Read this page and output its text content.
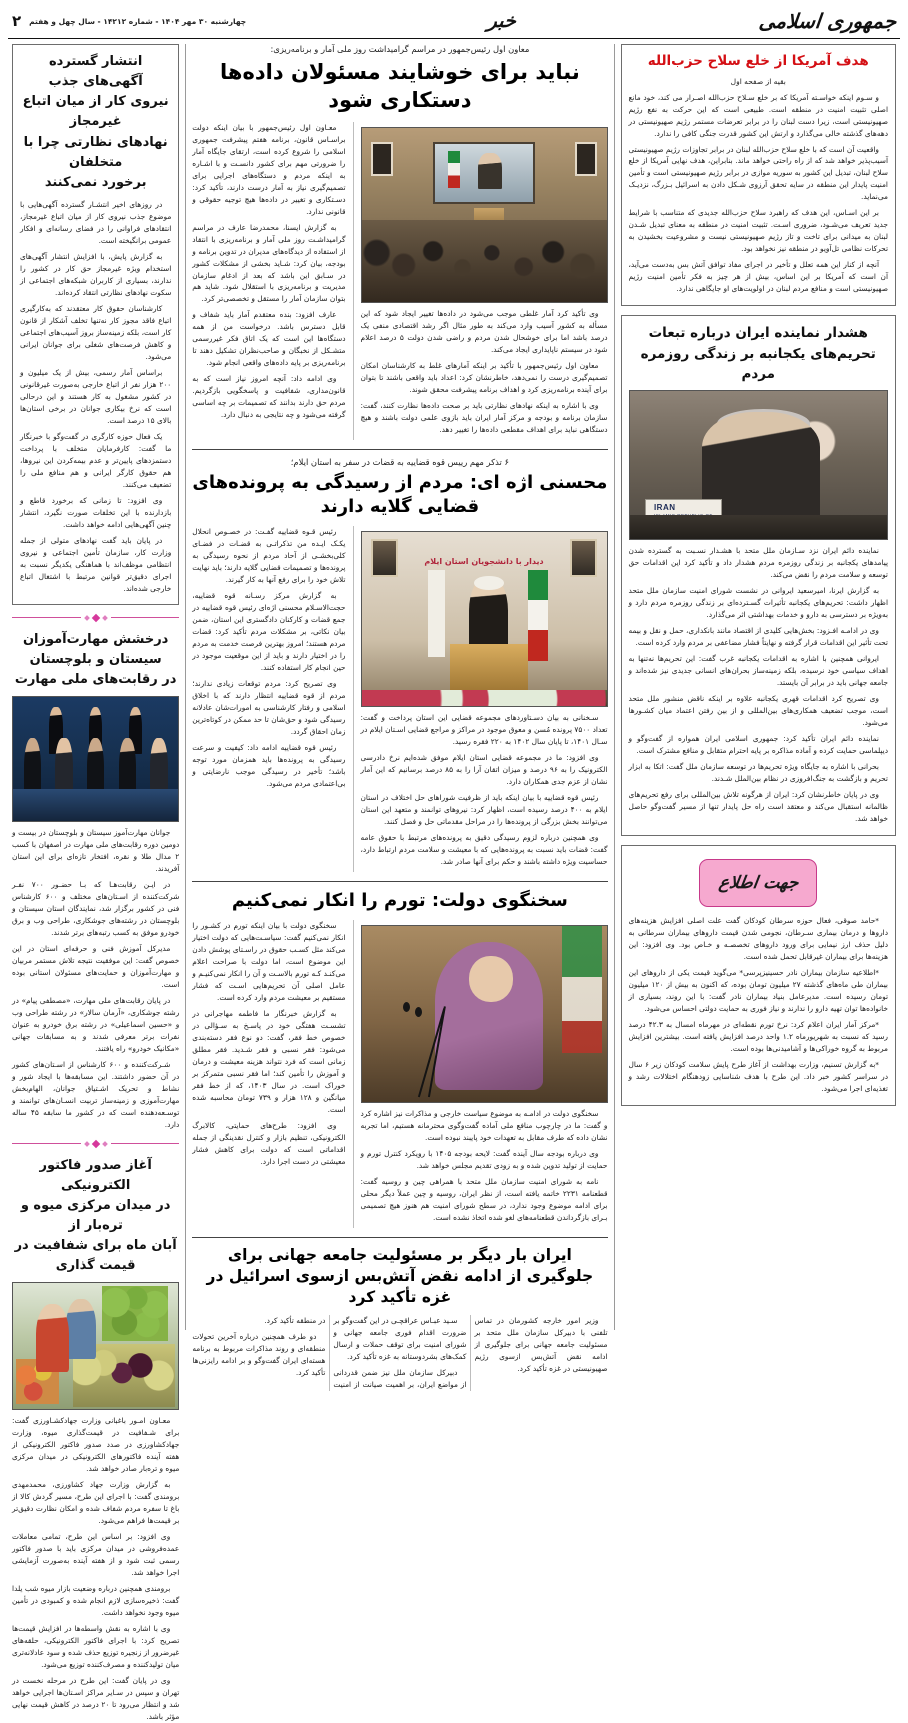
جمهوری اسلامی
خبر
چهارشنبه ۳۰ مهر ۱۴۰۴ - شماره ۱۴۲۱۲ - سال چهل و هفتم
۲
هدف آمریکا از خلع سلاح حزب‌الله
بقیه از صفحه اول

و سـوم اینکه خواسـته آمریکا که بر خلع سـلاح حزب‌الله اصـرار می کند، خود مانع اصلی تثبیت امنیت در منطقه است. طبیعی است که این حرکت به نفع رژیم صهیونیستی است، زیرا دست لبنان را در برابر تعرضات مستمر رژیم صهیونیستی در دهه‌های گذشته خالی می‌گذارد و ارتش این کشور قدرت جنگی کافی را ندارد.

واقعیت آن است که با خلع سلاح حزب‌الله لبنان در برابر تجاوزات رژیم صهیونیستی آسیب‌پذیر خواهد شد که از راه راحتی خواهد ماند. بنابراین، هدف نهایی آمریکا از خلع سلاح لبنان، تبدیل این کشور به سوریه موازی در برابر رژیم صهیونیستی است و تأمین امنیت پایدار این منطقه در سایه تحقق آرزوی شـکل دادن به اسرائیل بـزرگ، نزدیـک می‌نماید.

بر این اسـاس، این هدف که راهبرد سلاح حزب‌الله جدیدی که متناسب با شرایط جدید تعریف می‌شـود، ضروری اسـت. تثبیت امنیت در منطقه به معنای تبدیل شـدن لبنان به میدانی برای تاخت و تاز رژیم صهیونیستی نیست و مشروعیت بخشیدن به تحرکات نظامی تل‌آویو در منطقه نیز نخواهد بود.

آنچه از کنار این همه تعلل و تأخیر در اجرای مفاد توافق آتش بس به‌دست می‌آید، آن است که آمریکا بر این اساس، بیش از هر چیز به فکر تأمین امنیت رژیم صهیونیستی است و منافع مردم لبنان در اولویت‌های او جایگاهی ندارد.

هشدار نماینده ایران درباره تبعات تحریم‌های یکجانبه بر زندگی روزمره مردم
IRAN

نماینده دائم ایران نزد سـازمان ملل متحد با هشـدار نسـبت به گسترده شدن پیامدهای یکجانبه بر زندگی روزمره مردم هشدار داد و تأکید کرد این اقدامات حق توسعه و سلامت مردم را نقض می‌کند.

به گزارش ایرنا، امیرسعید ایروانی در نشست شورای امنیت سازمان ملل متحد اظهار داشت: تحریم‌های یکجانبه تأثیرات گسـترده‌ای بر زندگی روزمره مردم دارد و به‌ویژه بر دسترسی به دارو و خدمات بهداشتی اثر می‌گذارد.

وی در ادامـه افـزود: بخش‌هایی کلیدی از اقتصاد مانند بانکداری، حمل و نقل و بیمه تحت تأثیر این اقدامات قرار گرفته و نهایتاً فشار مضاعفی بر مردم وارد کرده است.

ایروانی همچنین با اشاره به اقدامات یکجانبه غرب گفت: این تحریم‌ها نه‌تنها به اهداف سیاسی خود نرسیده، بلکه زمینه‌ساز بحران‌های انسانی جدیدی نیز شده‌اند و جامعه جهانی باید در برابر آن بایستد.

وی تصریح کرد اقدامات قهری یکجانبه علاوه بر اینکه ناقض منشور ملل متحد است، موجب تضعیف همکاری‌های بین‌المللی و از بین رفتن اعتماد میان کشـورها می‌شود.

نماینده دائم ایران تأکید کرد: جمهوری اسلامی ایران همواره از گفت‌وگو و دیپلماسی حمایت کرده و آماده مذاکره بر پایه احترام متقابل و منافع مشترک است.

بحرانی با اشاره به جایگاه ویژه تحریم‌ها در توسعه سازمان ملل گفت: اتکا به ابزار تحریم و بازگشت به جنگ‌افروزی در نظام بین‌الملل شـدند.

وی در پایان خاطرنشان کرد: ایران از هرگونه تلاش بین‌المللی برای رفع تحریم‌های ظالمانه استقبال می‌کند و معتقد است راه حل پایدار تنها از مسیر گفت‌وگو حاصل خواهد شد.

جهت اطلاع

*حامد صوقی، فعال حوزه سرطان کودکان گفت علت اصلی افزایش هزینه‌های داروها و درمان بیماری سـرطان، نجومی شدن قیمت داروهای بیماران سرطانی به دلیل حذف ارز نیمایی برای ورود داروهای تخصصـه و خـاص بود. وی افزود: این هزینه‌ها برای بیماران غیرقابل تحمل شده است.

*اطلاعیه سازمان بیماران نادر حسینیزپرسی* می‌گوید قیمت یکی از داروهای این بیماران طی ماه‌های گذشته ۲۷ میلیون تومان بوده، که اکنون به بیش از ۱۲۰ میلیون تومان رسیده است. مدیرعامل بنیاد بیماران نادر گفت: با این روند، بسیاری از خانواده‌ها توان تهیه دارو را ندارند و نیاز فوری به حمایت دولتی احساس می‌شود.

*مرکز آمار ایران اعلام کرد: نرخ تورم نقطه‌ای در مهرماه امسال به ۴۲.۳ درصد رسید که نسبت به شهریورماه ۱.۲ واحد درصد افزایش یافته است. بیشترین افزایش مربوط به گروه خوراکی‌ها و آشامیدنی‌ها بوده است.

*به گزارش تسنیم، وزارت بهداشت از آغاز طرح پایش سلامت کودکان زیر ۶ سال در سراسر کشور خبر داد. این طرح با هدف شناسایی زودهنگام اختلالات رشد و تغذیه‌ای اجرا می‌شود.

معاون اول رئیس‌جمهور در مراسم گرامیداشت روز ملی آمار و برنامه‌ریزی:
نباید برای خوشایند مسئولان داده‌ها دستکاری شود

وی تأکید کرد آمار غلطی موجب می‌شود در داده‌ها تغییر ایجاد شود که این مسأله به کشور آسیب وارد می‌کند به طور مثال اگر رشد اقتصادی منفی یک درصد باشد اما برای خوشحال شدن مردم و راضی شدن دولت ۵ درصد اعلام شود در سیستم ناپایداری ایجاد می‌کند.

معاون اول رئیس‌جمهور با تأکید بر اینکه آمارهای غلط به کارشناسان امکان تصمیم‌گیری درست را نمی‌دهد، خاطرنشان کرد: اعداد باید واقعی باشند تا بتوان برای آینده برنامه‌ریزی کرد و اهداف برنامه پیشرفت محقق شوند.

وی با اشاره به اینکه نهادهای نظارتی باید بر صحت داده‌ها نظارت کنند، گفت: سازمان برنامه و بودجه و مرکز آمار ایران باید بازوی علمی دولت باشند و هیچ دستگاهی نباید برای اهداف مقطعی داده‌ها را تغییر دهد.

معـاون اول رئیس‌جمهور با بیان اینکه دولت براسـاس قانون، برنامه هفتم پیشرفت جمهوری اسلامی را شروع کرده است، ارتقای جایگاه آمار را ضرورتی مهم برای کشور دانسـت و با اشـاره به اینکه مردم و دستگاه‌های اجرایی برای تصمیم‌گیری نیاز به آمار درست دارند، تأکید کرد: دسـتکاری و تغییر در داده‌ها هیچ توجیه حقوقی و قانونی ندارد.

به گزارش ایسنا، محمدرضا عارف در مراسم گرامیداشـت روز ملی آمار و برنامه‌ریزی با انتقاد از استفاده از دیدگاه‌های مدیران در تدوین برنامه و بودجه، بیان کرد: شـاید بخشی از مشکلات کشور در سـابق این باشد که بعد از ادغام سازمان مدیریت و برنامه‌ریزی با استقلال شود. شاید هم بتوان سازمان آمار را مستقل و تخصصی‌تر کرد.

عارف افزود: بنده معتقدم آمار باید شفاف و قابل دسترس باشد. درخواست من از همه دستگاه‌ها این است که یک اتاق فکر غیررسمی متشـکل از نخبگان و صاحب‌نظران تشکیل دهند تا برنامه‌ریزی بر پایه داده‌های واقعی انجام شود.

وی ادامه داد: آنچه امروز نیاز است که به قانون‌مداری، شفافیت و پاسخگویی بازگردیم. مردم حق دارند بدانند که تصمیمات بر چه اساسی گرفته می‌شود و چه نتایجی به دنبال دارد.

۶ تذکر مهم رییس قوه قضاییه به قضات در سفر به استان ایلام؛
محسنی اژه ای: مردم از رسیدگی به پرونده‌های قضایی گلایه دارند
دیدار با دانشجویان استان ایلام

سـخنانی به بیان دسـتاوردهای مجموعه قضایی این استان پرداخت و گفت: تعداد ۷۵۰۰ پرونده مُسن و معوق موجود در مراکز و مراجع قضایی اسـتان ایلام در سـال ۱۴۰۱، تا پایان سال ۱۴۰۲ به ۲۲۰ فقره رسید.

وی افزود: ما در مجموعه قضایی استان ایلام موفق شده‌ایم نرخ دادرسی الکترونیک را به ۹۶ درصد و میزان اتقان آرا را به ۸۵ درصد برسانیم که این آمار نشان از عزم جدی همکاران دارد.

رئیس قوه قضاییه با بیان اینکه باید از ظرفیت شوراهای حل اختلاف در استان ایلام به ۴۰۰ درصد رسیده است، اظهار کرد: نیروهای توانمند و متعهد این استان می‌توانند بخش بزرگی از پرونده‌ها را در مراحل مقدماتی حل و فصل کنند.

وی همچنین درباره لزوم رسیدگی دقیق به پرونده‌های مرتبط با حقوق عامه گفت: قضات باید نسبت به پرونده‌هایی که با معیشت و سلامت مردم ارتباط دارد، حساسیت ویژه داشته باشند و حکم برای آنها صادر شد.

رئیس قـوه قضاییه گفـت: در خصـوص انحلال یکـک ایـده من تذکراتـی به قضـات در فضـای کلی‌بخشـی از آحاد مردم از نحوه رسیدگی به پرونده‌ها و تصمیمات قضایی گلایه دارند؛ باید نهایت تلاش خود را برای رفع آنها به کار گیرند.

به گزارش مرکز رسـانه قوه قضاییه، حجت‌الاسـلام محسنی اژه‌ای رئیس قوه قضاییه در جمع قضات و کارکنان دادگستری این استان، ضمن بیان نکاتی، بر مشکلات مردم تأکید کرد: قضات مردم هستند؛ امروز بهترین فرصت خدمت به مردم را در اختیار دارند و باید از این موقعیت موجود در حین انجام کار استفاده کنند.

وی تصریح کرد: مردم توقعات زیادی ندارند؛ مردم از قوه قضاییه انتظار دارند که با اخلاق اسلامی و رفتار کارشناسی به امورات‌شان عادلانه رسیدگی شود و حق‌شان تا حد ممکن در کوتاه‌ترین زمان احقاق گردد.

رئیس قوه قضاییه ادامه داد: کیفیت و سرعت رسیدگی به پرونده‌ها باید همزمان مورد توجه باشد؛ تأخیر در رسیدگی موجب نارضایتی و بی‌اعتمادی مردم می‌شود.

سخنگوی دولت: تورم را انکار نمی‌کنیم

سخنگوی دولت در ادامـه به موضوع سیاست خارجی و مذاکرات نیز اشاره کرد و گفت: ما در چارچوب منافع ملی آماده گفت‌وگوی محترمانه هستیم، اما تجربه نشان داده که طرف مقابل به تعهدات خود پایبند نبوده است.

وی درباره بودجه سال آینده گفت: لایحه بودجه ۱۴۰۵ با رویکرد کنترل تورم و حمایت از تولید تدوین شده و به زودی تقدیم مجلس خواهد شد.

نامه به شورای امنیت سازمان ملل متحد با همراهی چین و روسیه گفت: قطعنامه ۲۲۳۱ خاتمه یافته است، از نظر ایران، روسیه و چین عملاً دیگر محلی برای ادامه موضوع وجود ندارد، در سطح شورای امنیت هم هنوز هیچ تصمیمی بـرای بازگرداندن قطعنامه‌های لغو شده اتخاذ نشده است.

سخنگوی دولت با بیان اینکه تورم در کشـور را انکار نمی‌کنیم گفت: سیاسـت‌هایی که دولت اختیار می‌کند مثل کسـب حقوق در راسـتای پوشش دادن این موضوع است، اما دولت با صراحت اعلام می‌کنـد کـه تورم بالاسـت و آن را انکار نمی‌کنیـم و عامل اصلی آن تحریم‌هایی اسـت که فشار مستقیم بر معیشت مردم وارد کرده است.

به گزارش خبرنگار ما فاطمه مهاجرانی در تشسـت هفتگی خود در پاسـخ به سـؤالی در خصوص خط فقر، گفت: دو نوع فقر دسته‌بندی می‌شود: فقر نسبی و فقر شـدید. فقر مطلق زمانی است که فرد نتواند هزینه معیشت و درمان و آموزش را تأمین کند؛ اما فقر نسبی متمرکز بر خوراک است. در سال ۱۴۰۳، که از خط فقر میانگین و ۱۲۸ هزار و ۷۳۹ تومان محاسبه شده است.

وی افزود: طرح‌های حمایتی، کالابرگ الکترونیکی، تنظیم بازار و کنترل نقدینگی از جمله اقداماتی است که دولت برای کاهش فشار معیشتی در دست اجرا دارد.

ایران بار دیگر بر مسئولیت جامعه جهانی برای جلوگیری از ادامه نقض آتش‌بس ازسوی اسرائیل در غزه تأکید کرد

وزیر امور خارجه کشورمان در تماس تلفنی با دبیرکل سازمان ملل متحد بر مسئولیت جامعه جهانی برای جلوگیری از ادامه نقض آتش‌بس ازسوی رژیم صهیونیستی در غزه تأکید کرد.

سـید عبـاس عراقچـی در این گفت‌وگو بر ضرورت اقدام فوری جامعه جهانی و شورای امنیت برای توقف حملات و ارسال کمک‌های بشردوستانه به غزه تأکید کرد.

دبیرکل سازمان ملل نیز ضمن قدردانی از مواضع ایران، بر اهمیت صیانت از امنیت در منطقه تأکید کرد.

دو طرف همچنین درباره آخرین تحولات منطقه‌ای و روند مذاکرات مربوط به برنامه هسته‌ای ایران گفت‌وگو و بر ادامه رایزنی‌ها تأکید کرد.

انتشار گسترده آگهی‌های جذب
نیروی کار از میان اتباع غیرمجاز
نهادهای نظارتی چرا با متخلفان
برخورد نمی‌کنند

در روزهای اخیر انتشـار گسترده آگهی‌هایی با موضوع جذب نیروی کار از میان اتباع غیرمجاز، انتقادهای فراوانی را در فضای رسانه‌ای و افکار عمومی برانگیخته است.

به گزارش پایش، با افزایش انتشار آگهی‌های استخدام ویژه غیرمجاز حق کار در کشور را ندارند، بسیاری از کاربران شبکه‌های اجتماعی از سکوت نهادهای نظارتی انتقاد کرده‌اند.

کارشناسان حقوق کار معتقدند که به‌کارگیری اتباع فاقد مجوز کار نه‌تنها تخلف آشکار از قانون کار است، بلکه زمینه‌ساز بروز آسیب‌های اجتماعی و کاهش فرصت‌های شغلی برای جوانان ایرانی می‌شود.

براساس آمار رسمی، بیش از یک میلیون و ۲۰۰ هزار نفر از اتباع خارجی به‌صورت غیرقانونی در کشور مشغول به کار هستند و این درحالی است که نرخ بیکاری جوانان در برخی استان‌ها بالای ۱۵ درصد است.

یک فعال حوزه کارگری در گفت‌وگو با خبرنگار ما گفت: کارفرمایان متخلف با پرداخت دستمزدهای پایین‌تر و عدم بیمه‌کردن این نیروها، هم حقوق کارگر ایرانی و هم منافع ملی را تضعیف می‌کنند.

وی افزود: تا زمانی که برخورد قاطع و بازدارنده با این تخلفات صورت نگیرد، انتشار چنین آگهی‌هایی ادامه خواهد داشت.

در پایان باید گفت نهادهای متولی از جمله وزارت کار، سازمان تأمین اجتماعی و نیروی انتظامی موظف‌اند با هماهنگی یکدیگر نسبت به اجرای دقیق‌تر قوانین مرتبط با اشتغال اتباع خارجی شده‌اند.

درخشش مهارت‌آموزان
سیستان و بلوچستان
در رقابت‌های ملی مهارت

جوانان مهارت‌آموز سیستان و بلوچستان در بیست و دومین دوره رقابت‌های ملی مهارت در اصفهان با کسب ۲ مدال طلا و نقره، افتخار تازه‌ای برای این استان آفریدند.

در ایـن رقابت‌هـا که بـا حضـور ۷۰۰ نفـر شرکت‌کننده از اسـتان‌های مختلف و ۶۰۰ کارشناس فنی در کشور برگزار شد، نمایندگان استان سیستان و بلوچستان در رشته‌های جوشکاری، طراحی وب و برق خودرو موفق به کسب رتبه‌های برتر شدند.

مدیرکل آموزش فنی و حرفه‌ای استان در این خصوص گفت: این موفقیت نتیجه تلاش مستمر مربیان و مهارت‌آموزان و حمایت‌های مسئولان استانی بوده است.

در پایان رقابت‌های ملی مهارت، «مصطفی پیام» در رشته جوشکاری، «آرمان سالار» در رشته طراحی وب و «حسین اسماعیلی» در رشته برق خودرو به عنوان نفرات برتر معرفی شدند و به مسابقات جهانی «مکانیک خودرو» راه یافتند.

شـرکت‌کننده و ۶۰۰ کارشناس از اسـتان‌های کشور در آن حضور داشتند. این مسابقه‌ها با ایجاد شور و نشاط و تحریک اشـتیاق جوانان، الهام‌بخش مهارت‌آموزی و زمینه‌ساز تربیت انسـان‌های توانمند و توسـعه‌دهنده است که در کشور ما سابقه ۴۵ ساله دارد.

آغاز صدور فاکتور الکترونیکی
در میدان مرکزی میوه و تره‌بار از
آبان ماه برای شفافیت در قیمت گذاری

معـاون امـور باغبانی وزارت جهادکشـاورزی گفت: برای شـفافیت در قیمت‌گذاری میوه، وزارت جهادکشاورزی در صدد صدور فاکتور الکترونیکی از هفته آینده فاکتورهای الکترونیکی در میدان مرکزی میوه و تره‌بار صادر خواهد شد.

به گزارش وزارت جهاد کشاورزی، محمدمهدی برومندی گفت: با اجرای این طرح، مسیر گردش کالا از باغ تا سفره مردم شفاف شده و امکان نظارت دقیق‌تر بر قیمت‌ها فراهم می‌شود.

وی افزود: بر اساس این طرح، تمامی معاملات عمده‌فروشی در میدان مرکزی باید با صدور فاکتور رسمی ثبت شود و از هفته آینده به‌صورت آزمایشی اجرا خواهد شد.

برومندی همچنین درباره وضعیت بازار میوه شب یلدا گفت: ذخیره‌سازی لازم انجام شده و کمبودی در تأمین میوه وجود نخواهد داشت.

وی با اشاره به نقش واسطه‌ها در افزایش قیمت‌ها تصریح کرد: با اجرای فاکتور الکترونیکی، حلقه‌های غیرضرور از زنجیره توزیع حذف شده و سود عادلانه‌تری میان تولیدکننده و مصرف‌کننده توزیع می‌شود.

وی در پایان گفت: این طرح در مرحله نخست در تهران و سپس در سـایر مراکز اسـتان‌ها اجرایی خواهد شد و انتظار می‌رود تا ۲۰ درصد در کاهش قیمت نهایی مؤثر باشد.
